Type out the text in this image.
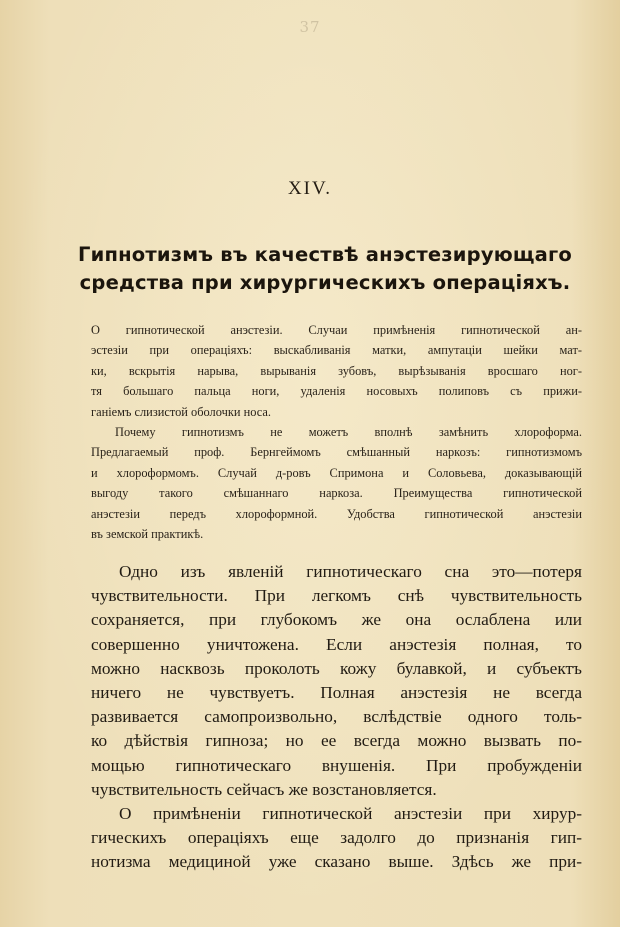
37
XIV.
Гипнотизмъ въ качествѣ анэстезирующаго
средства при хирургическихъ операціяхъ.
О гипнотической анэстезіи. Случаи примѣненія гипнотической ан-
эстезіи при операціяхъ: выскабливанія матки, ампутаціи шейки мат-
ки, вскрытія нарыва, вырыванія зубовъ, вырѣзыванія вросшаго ног-
тя большаго пальца ноги, удаленія носовыхъ полиповъ съ прижи-
ганіемъ слизистой оболочки носа.
Почему гипнотизмъ не можетъ вполнѣ замѣнить хлороформа.
Предлагаемый проф. Бернгеймомъ смѣшанный наркозъ: гипнотизмомъ
и хлороформомъ. Случай д-ровъ Спримона и Соловьева, доказывающій
выгоду такого смѣшаннаго наркоза. Преимущества гипнотической
анэстезіи передъ хлороформной. Удобства гипнотической анэстезіи
въ земской практикѣ.
Одно изъ явленій гипнотическаго сна это—потеря
чувствительности. При легкомъ снѣ чувствительность
сохраняется, при глубокомъ же она ослаблена или
совершенно уничтожена. Если анэстезія полная, то
можно насквозь проколоть кожу булавкой, и субъектъ
ничего не чувствуетъ. Полная анэстезія не всегда
развивается самопроизвольно, вслѣдствіе одного толь-
ко дѣйствія гипноза; но ее всегда можно вызвать по-
мощью гипнотическаго внушенія. При пробужденіи
чувствительность сейчасъ же возстановляется.
О примѣненіи гипнотической анэстезіи при хирур-
гическихъ операціяхъ еще задолго до признанія гип-
нотизма медициной уже сказано выше. Здѣсь же при-
